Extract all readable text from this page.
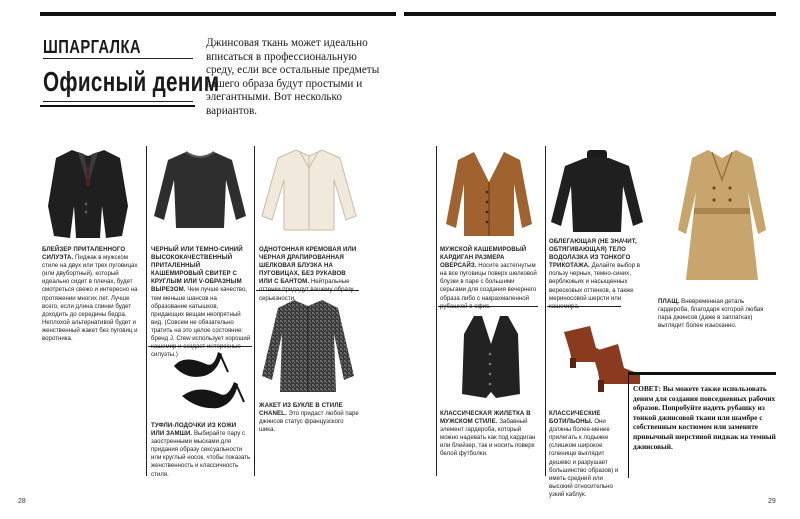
ШПАРГАЛКА
Офисный деним
Джинсовая ткань может идеально вписаться в профессиональную среду, если все остальные предметы вашего образа будут простыми и элегантными. Вот несколько вариантов.
БЛЕЙЗЕР ПРИТАЛЕННОГО СИЛУЭТА. Пиджак в мужском стиле на двух или трех пуговицах (или двубортный), который идеально сидит в плечах, будет смотреться свежо и интересно на протяжении многих лет. Лучше всего, если длина спинки будет доходить до середины бедра. Неплохой альтернативой будет и женственный жакет без пуговиц и воротника.
ЧЕРНЫЙ ИЛИ ТЕМНО-СИНИЙ ВЫСОКОКАЧЕСТВЕННЫЙ ПРИТАЛЕННЫЙ КАШЕМИРОВЫЙ СВИТЕР С КРУГЛЫМ ИЛИ V-ОБРАЗНЫМ ВЫРЕЗОМ. Чем лучше качество, тем меньше шансов на образование катышков, придающих вещам неопрятный вид. (Совсем не обязательно тратить на это целое состояние: бренд J. Crew использует хороший кашемир и создает интересные силуэты.)
ОДНОТОННАЯ КРЕМОВАЯ ИЛИ ЧЕРНАЯ ДРАПИРОВАННАЯ ШЕЛКОВАЯ БЛУЗКА НА ПУГОВИЦАХ, БЕЗ РУКАВОВ ИЛИ С БАНТОМ. Нейтральные оттенки придадут вашему образу серьезности.
МУЖСКОЙ КАШЕМИРОВЫЙ КАРДИГАН РАЗМЕРА ОВЕРСАЙЗ. Носите застегнутым на все пуговицы поверх шелковой блузки в паре с большими серьгами для создания вечернего образа либо с накрахмаленной рубашкой в офис.
ОБЛЕГАЮЩАЯ (НЕ ЗНАЧИТ, ОБТЯГИВАЮЩАЯ) ТЕЛО ВОДОЛАЗКА ИЗ ТОНКОГО ТРИКОТАЖА. Делайте выбор в пользу черных, темно-синих, верблюжьих и насыщенных вересковых оттенков, а также мериносовой шерсти или кашемира.
ПЛАЩ. Вневременная деталь гардероба, благодаря которой любая пара джинсов (даже в заплатках) выглядит более изысканно.
ТУФЛИ-ЛОДОЧКИ ИЗ КОЖИ ИЛИ ЗАМШИ. Выбирайте пару с заостренными мысками для придания образу сексуальности или круглый носок, чтобы показать женственность и классичность стиля.
ЖАКЕТ ИЗ БУКЛЕ В СТИЛЕ CHANEL. Это придаст любой паре джинсов статус французского шика.
КЛАССИЧЕСКАЯ ЖИЛЕТКА В МУЖСКОМ СТИЛЕ. Забавный элемент гардероба, который можно надевать как под кардиган или блейзер, так и носить поверх белой футболки.
КЛАССИЧЕСКИЕ БОТИЛЬОНЫ. Они должны более-менее прилегать к лодыжке (слишком широкое голенище выглядит дешево и разрушает большинство образов) и иметь средний или высокий относительно узкий каблук.
СОВЕТ: Вы можете также использовать деним для создания повседневных рабочих образов. Попробуйте надеть рубашку из тонкой джинсовой ткани или шамбре с собственным костюмом или замените привычный шерстяной пиджак на темный джинсовый.
28	29
